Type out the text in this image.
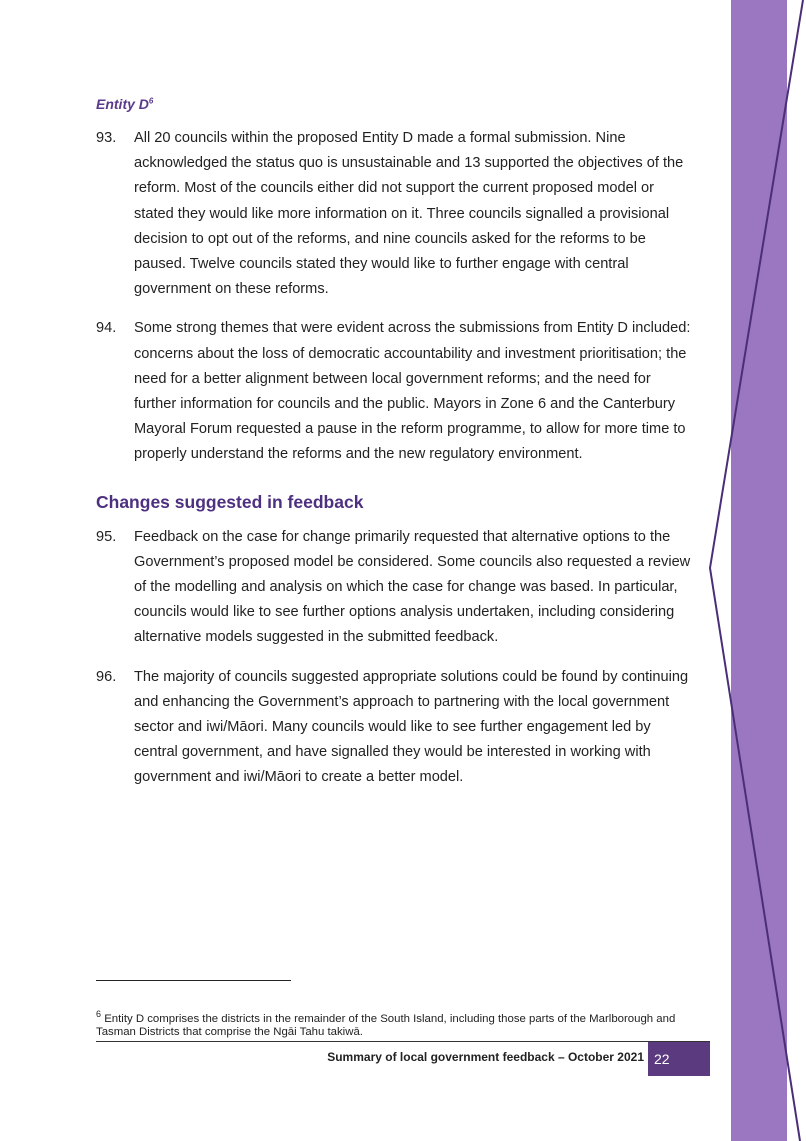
Entity $D^6$
93.	All 20 councils within the proposed Entity D made a formal submission. Nine acknowledged the status quo is unsustainable and 13 supported the objectives of the reform. Most of the councils either did not support the current proposed model or stated they would like more information on it. Three councils signalled a provisional decision to opt out of the reforms, and nine councils asked for the reforms to be paused. Twelve councils stated they would like to further engage with central government on these reforms.
94.	Some strong themes that were evident across the submissions from Entity D included: concerns about the loss of democratic accountability and investment prioritisation; the need for a better alignment between local government reforms; and the need for further information for councils and the public. Mayors in Zone 6 and the Canterbury Mayoral Forum requested a pause in the reform programme, to allow for more time to properly understand the reforms and the new regulatory environment.
Changes suggested in feedback
95.	Feedback on the case for change primarily requested that alternative options to the Government’s proposed model be considered. Some councils also requested a review of the modelling and analysis on which the case for change was based. In particular, councils would like to see further options analysis undertaken, including considering alternative models suggested in the submitted feedback.
96.	The majority of councils suggested appropriate solutions could be found by continuing and enhancing the Government’s approach to partnering with the local government sector and iwi/Māori. Many councils would like to see further engagement led by central government, and have signalled they would be interested in working with government and iwi/Māori to create a better model.
$^6$ Entity D comprises the districts in the remainder of the South Island, including those parts of the Marlborough and Tasman Districts that comprise the Ngāi Tahu takiwā.
Summary of local government feedback – October 2021 22
